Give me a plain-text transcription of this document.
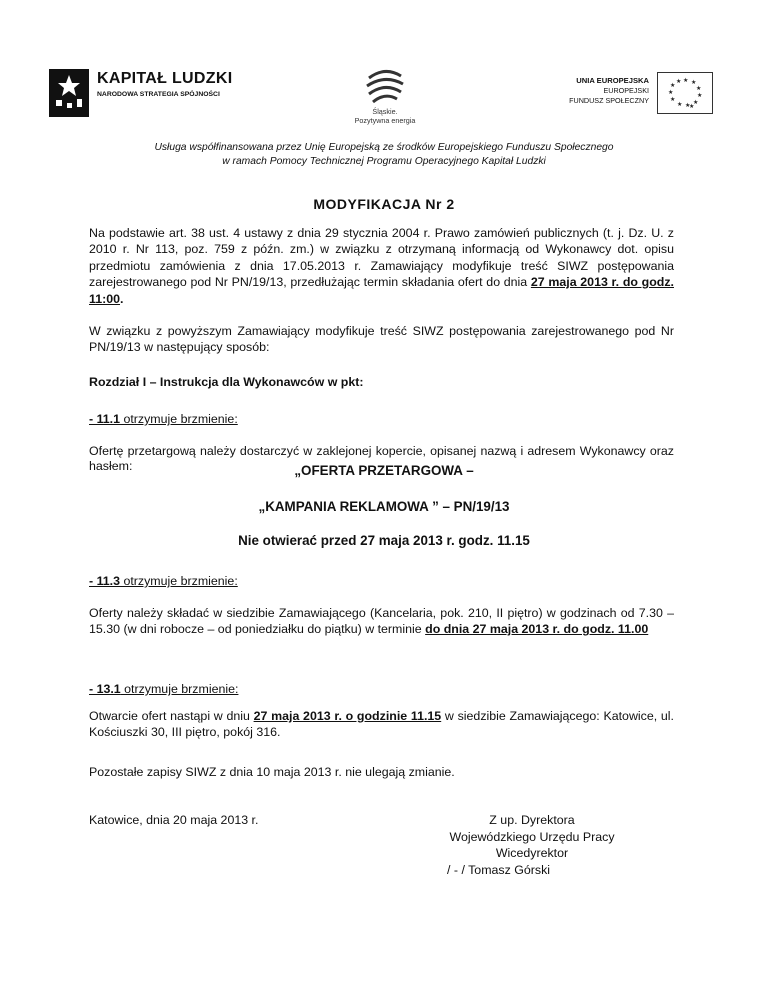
KAPITAŁ LUDZKI
NARODOWA STRATEGIA SPÓJNOŚCI
Śląskie.
Pozytywna energia
UNIA EUROPEJSKA
EUROPEJSKI
FUNDUSZ SPOŁECZNY
★ ★
★
★
★
★
★
★
★
★
★
★
Usługa współfinansowana przez Unię Europejską ze środków Europejskiego Funduszu Społecznego
w ramach Pomocy Technicznej Programu Operacyjnego Kapitał Ludzki
MODYFIKACJA Nr 2

Na podstawie art. 38 ust. 4 ustawy z dnia 29 stycznia 2004 r. Prawo zamówień publicznych (t. j. Dz. U. z 2010 r. Nr 113, poz. 759 z późn. zm.) w związku z otrzymaną informacją od Wykonawcy dot. opisu przedmiotu zamówienia z dnia 17.05.2013 r. Zamawiający modyfikuje treść SIWZ postępowania zarejestrowanego pod Nr PN/19/13, przedłużając termin składania ofert do dnia 27 maja 2013 r. do godz. 11:00.

W związku z powyższym Zamawiający modyfikuje treść SIWZ postępowania zarejestrowanego pod Nr PN/19/13 w następujący sposób:
Rozdział I – Instrukcja dla Wykonawców w pkt:
- 11.1 otrzymuje brzmienie:
Ofertę przetargową należy dostarczyć w zaklejonej kopercie, opisanej nazwą i adresem Wykonawcy oraz hasłem:	„OFERTA PRZETARGOWA –
„KAMPANIA REKLAMOWA ” – PN/19/13
Nie otwierać przed 27 maja 2013 r. godz. 11.15
- 11.3 otrzymuje brzmienie:

Oferty należy składać w siedzibie Zamawiającego (Kancelaria, pok. 210, II piętro) w godzinach od 7.30 – 15.30 (w dni robocze – od poniedziałku do piątku) w terminie do dnia 27 maja 2013 r. do godz. 11.00

- 13.1 otrzymuje brzmienie:

Otwarcie ofert nastąpi w dniu 27 maja 2013 r. o godzinie 11.15 w siedzibie Zamawiającego: Katowice, ul. Kościuszki 30, III piętro, pokój 316.

Pozostałe zapisy SIWZ z dnia 10 maja 2013 r. nie ulegają zmianie.
Katowice, dnia 20 maja 2013 r.	Z up. Dyrektora
Wojewódzkiego Urzędu Pracy
Wicedyrektor
/ - / Tomasz Górski
